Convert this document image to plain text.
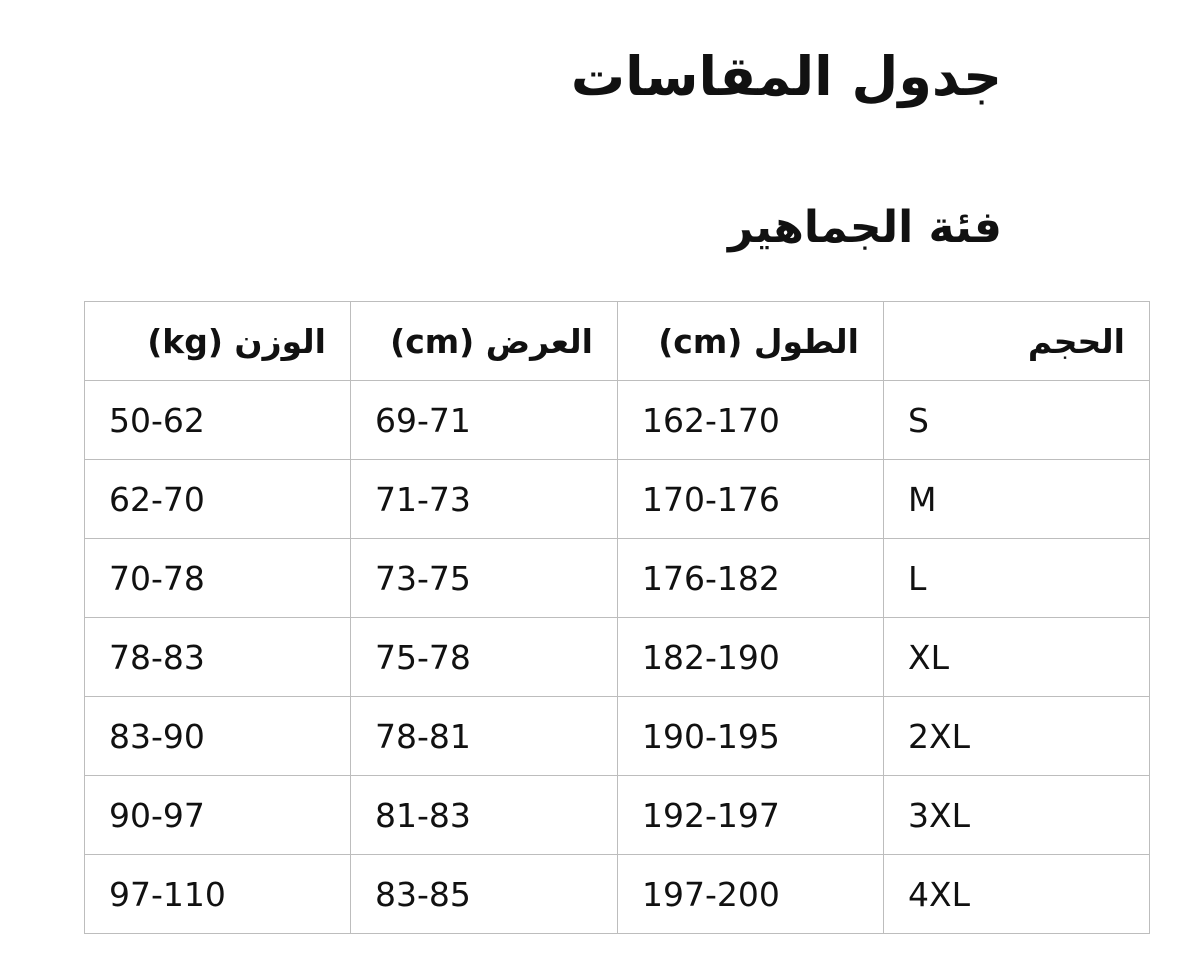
جدول المقاسات
فئة الجماهير
الوزن (kg)	العرض (cm)	الطول (cm)	الحجم
50-62	69-71	162-170	S
62-70	71-73	170-176	M
70-78	73-75	176-182	L
78-83	75-78	182-190	XL
83-90	78-81	190-195	2XL
90-97	81-83	192-197	3XL
97-110	83-85	197-200	4XL
